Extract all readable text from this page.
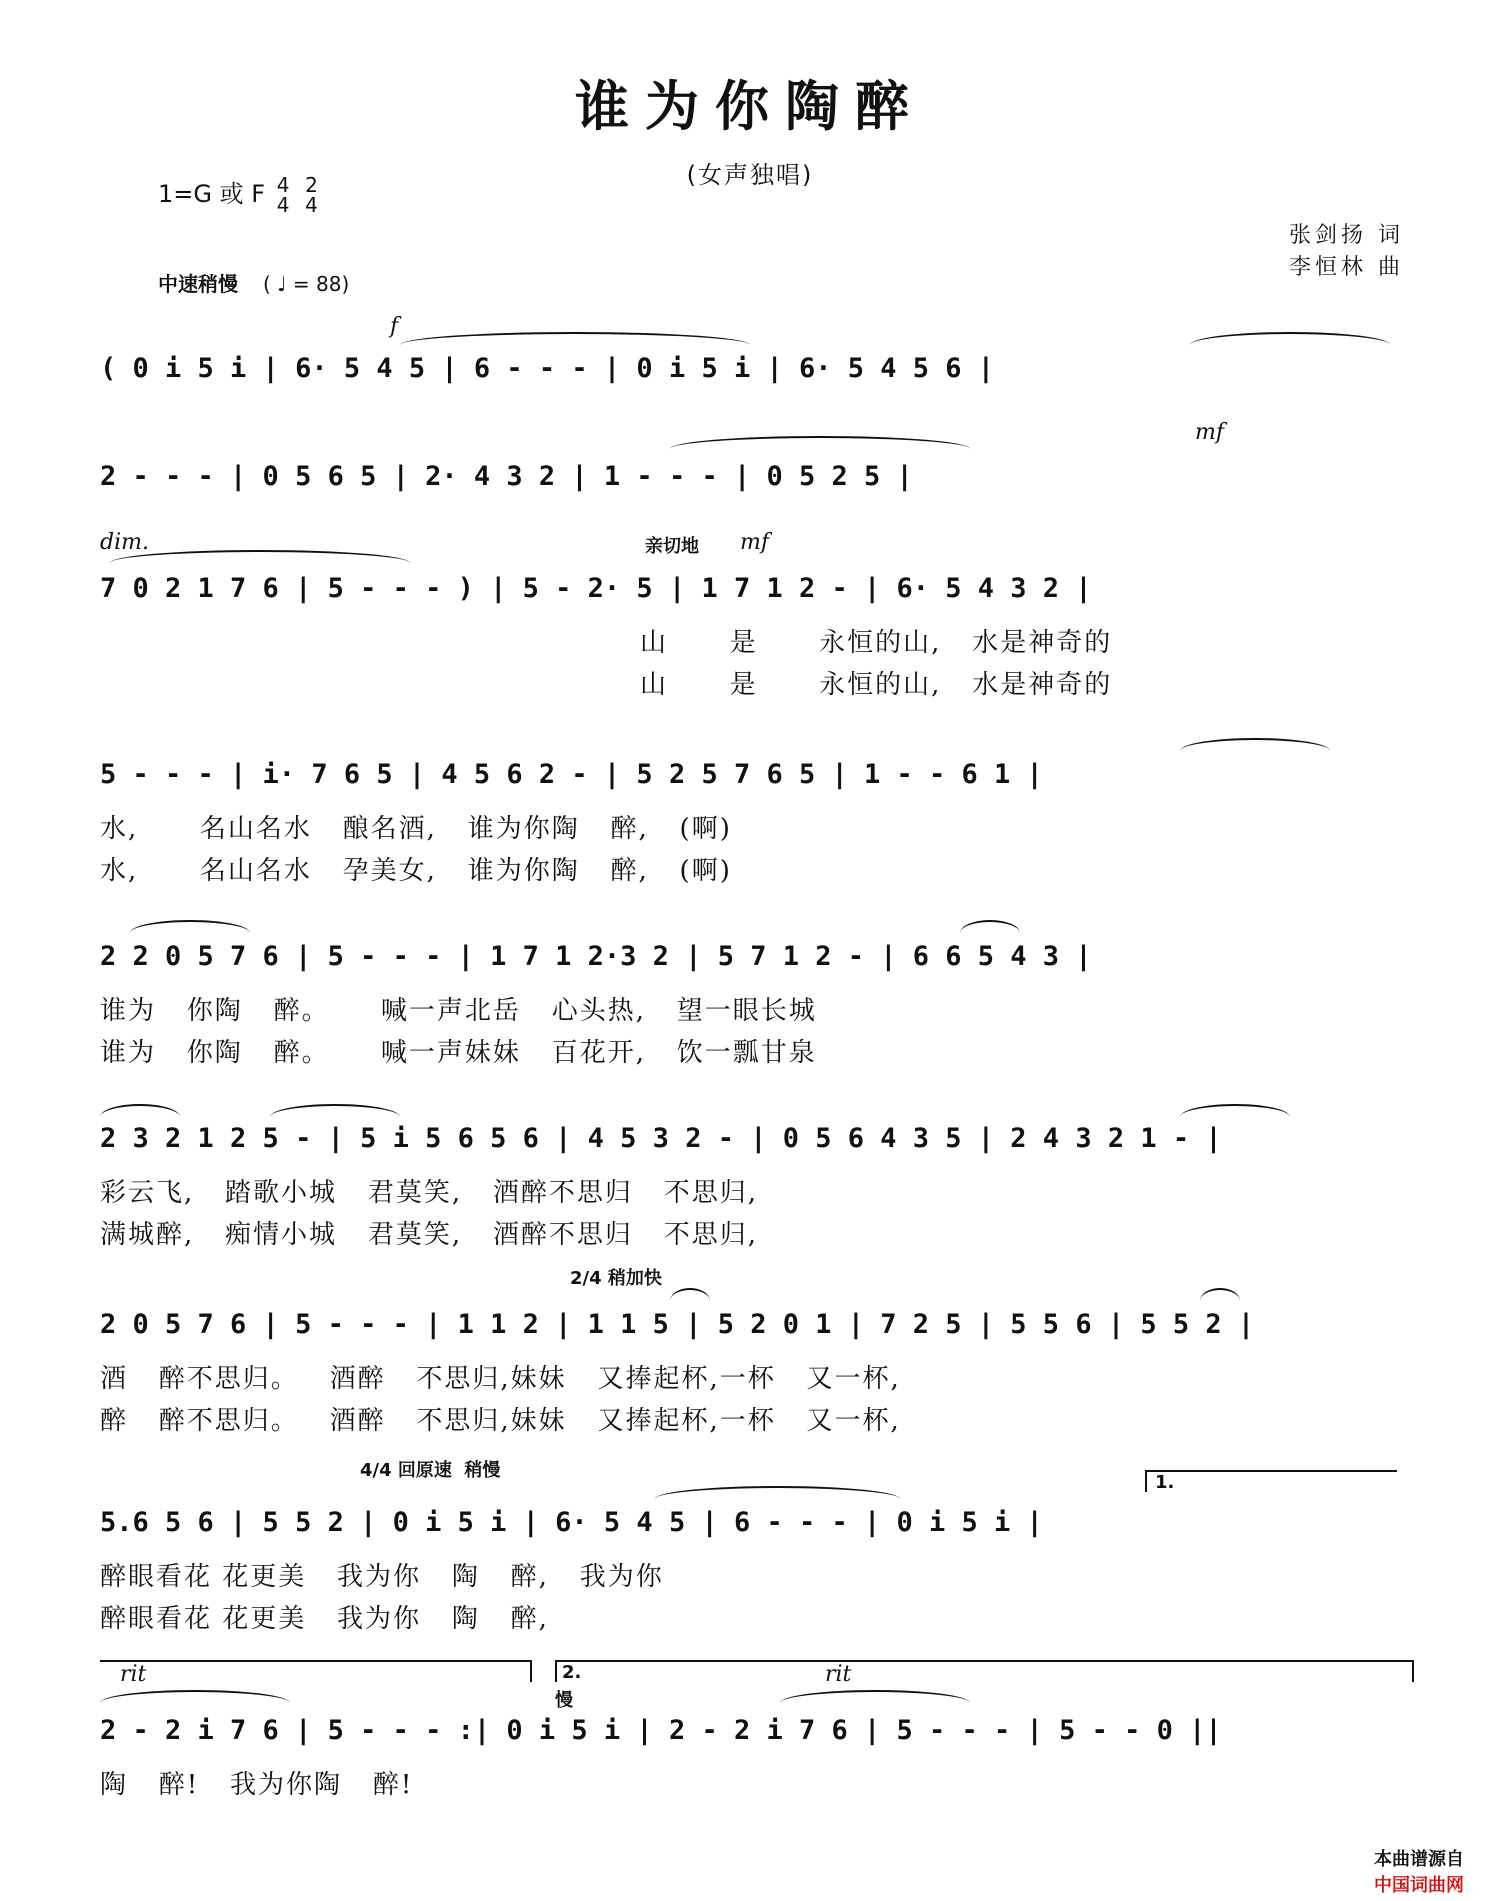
谁为你陶醉
(女声独唱)
1=G 或 F 4
4

2
4
中速稍慢 ( ♩ = 88)
张剑扬 词
李恒林 曲
f
( 0 i 5 i | 6· 5 4 5 | 6 - - - | 0 i 5 i | 6· 5 4 5 6 |
mf
2 - - - | 0 5 6 5 | 2· 4 3 2 | 1 - - - | 0 5 2 5 |
dim.	亲切地 mf
7 0 2 1 7 6 | 5 - - - ) | 5 - 2· 5 | 1 7 1 2 - | 6· 5 4 3 2 |
山      是      永恒的山,   水是神奇的
山      是      永恒的山,   水是神奇的
5 - - - | i· 7 6 5 | 4 5 6 2 - | 5 2 5 7 6 5 | 1 - - 6 1 |
水,      名山名水   酿名酒,   谁为你陶   醉,   (啊)
水,      名山名水   孕美女,   谁为你陶   醉,   (啊)
2 2 0 5 7 6 | 5 - - - | 1 7 1 2·3 2 | 5 7 1 2 - | 6 6 5 4 3 |
谁为   你陶   醉。     喊一声北岳   心头热,   望一眼长城
谁为   你陶   醉。     喊一声妹妹   百花开,   饮一瓢甘泉
2 3 2 1 2 5 - | 5 i 5 6 5 6 | 4 5 3 2 - | 0 5 6 4 3 5 | 2 4 3 2 1 - |
彩云飞,   踏歌小城   君莫笑,   酒醉不思归   不思归,
满城醉,   痴情小城   君莫笑,   酒醉不思归   不思归,
2/4 稍加快
2 0 5 7 6 | 5 - - - | 1 1 2 | 1 1 5 | 5 2 0 1 | 7 2 5 | 5 5 6 | 5 5 2 |
酒   醉不思归。   酒醉   不思归,妹妹   又捧起杯,一杯   又一杯,
醉   醉不思归。   酒醉   不思归,妹妹   又捧起杯,一杯   又一杯,
4/4 回原速  稍慢
1.
5.6 5 6 | 5 5 2 | 0 i 5 i | 6· 5 4 5 | 6 - - - | 0 i 5 i |
醉眼看花 花更美   我为你   陶   醉,   我为你
醉眼看花 花更美   我为你   陶   醉,
rit	2.
慢
rit
2 - 2 i 7 6 | 5 - - - :| 0 i 5 i | 2 - 2 i 7 6 | 5 - - - | 5 - - 0 ||
陶   醉!   我为你陶   醉!

本曲谱源自
中国词曲网
